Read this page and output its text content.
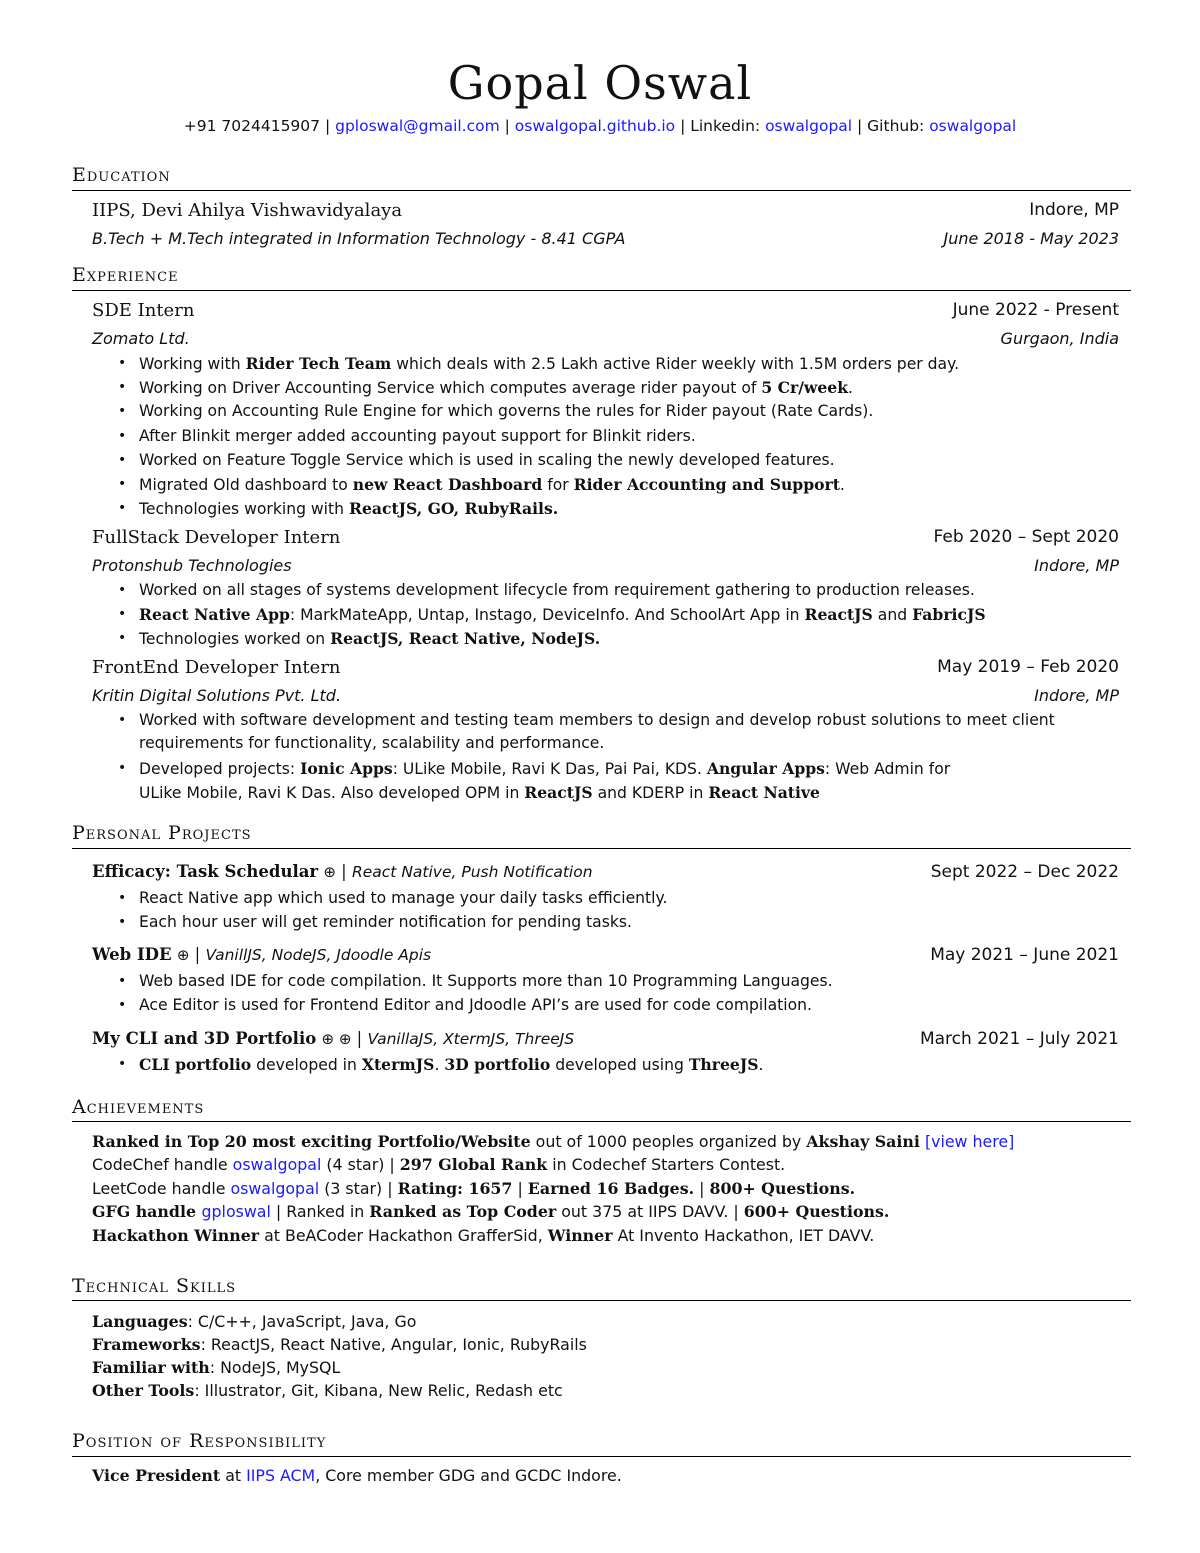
Gopal Oswal
+91 7024415907 | gploswal@gmail.com | oswalgopal.github.io | Linkedin: oswalgopal | Github: oswalgopal
Education
IIPS, Devi Ahilya Vishwavidyalaya	Indore, MP
B.Tech + M.Tech integrated in Information Technology - 8.41 CGPA	June 2018 - May 2023
Experience
SDE Intern	June 2022 - Present
Zomato Ltd.	Gurgaon, India
• Working with Rider Tech Team which deals with 2.5 Lakh active Rider weekly with 1.5M orders per day.
• Working on Driver Accounting Service which computes average rider payout of 5 Cr/week.
• Working on Accounting Rule Engine for which governs the rules for Rider payout (Rate Cards).
• After Blinkit merger added accounting payout support for Blinkit riders.
• Worked on Feature Toggle Service which is used in scaling the newly developed features.
• Migrated Old dashboard to new React Dashboard for Rider Accounting and Support.
• Technologies working with ReactJS, GO, RubyRails.
FullStack Developer Intern	Feb 2020 – Sept 2020
Protonshub Technologies	Indore, MP
• Worked on all stages of systems development lifecycle from requirement gathering to production releases.
• React Native App: MarkMateApp, Untap, Instago, DeviceInfo. And SchoolArt App in ReactJS and FabricJS
• Technologies worked on ReactJS, React Native, NodeJS.
FrontEnd Developer Intern	May 2019 – Feb 2020
Kritin Digital Solutions Pvt. Ltd.	Indore, MP
• Worked with software development and testing team members to design and develop robust solutions to meet client
requirements for functionality, scalability and performance.
• Developed projects: Ionic Apps: ULike Mobile, Ravi K Das, Pai Pai, KDS. Angular Apps: Web Admin for
ULike Mobile, Ravi K Das. Also developed OPM in ReactJS and KDERP in React Native
Personal Projects
Efficacy: Task Schedular ⊕ | React Native, Push Notification	Sept 2022 – Dec 2022
• React Native app which used to manage your daily tasks efficiently.
• Each hour user will get reminder notification for pending tasks.
Web IDE ⊕ | VanillJS, NodeJS, Jdoodle Apis	May 2021 – June 2021
• Web based IDE for code compilation. It Supports more than 10 Programming Languages.
• Ace Editor is used for Frontend Editor and Jdoodle API’s are used for code compilation.
My CLI and 3D Portfolio ⊕ ⊕ | VanillaJS, XtermJS, ThreeJS	March 2021 – July 2021
• CLI portfolio developed in XtermJS. 3D portfolio developed using ThreeJS.
Achievements
Ranked in Top 20 most exciting Portfolio/Website out of 1000 peoples organized by Akshay Saini [view here]
CodeChef handle oswalgopal (4 star) | 297 Global Rank in Codechef Starters Contest.
LeetCode handle oswalgopal (3 star) | Rating: 1657 | Earned 16 Badges. | 800+ Questions.
GFG handle gploswal | Ranked in Ranked as Top Coder out 375 at IIPS DAVV. | 600+ Questions.
Hackathon Winner at BeACoder Hackathon GrafferSid, Winner At Invento Hackathon, IET DAVV.
Technical Skills
Languages: C/C++, JavaScript, Java, Go
Frameworks: ReactJS, React Native, Angular, Ionic, RubyRails
Familiar with: NodeJS, MySQL
Other Tools: Illustrator, Git, Kibana, New Relic, Redash etc
Position of Responsibility
Vice President at IIPS ACM, Core member GDG and GCDC Indore.
